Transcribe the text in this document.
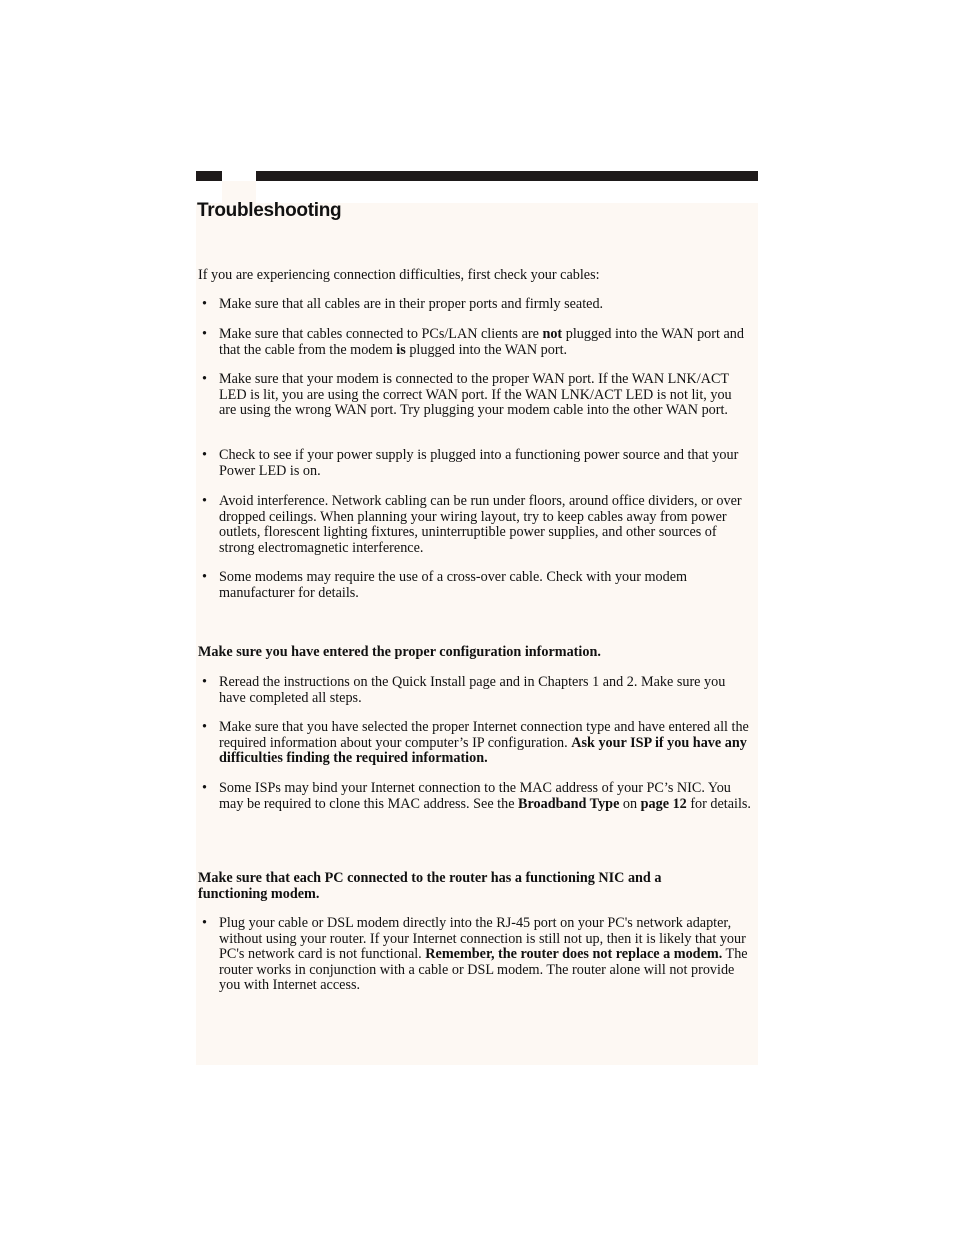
Troubleshooting

If you are experiencing connection difficulties, first check your cables:

• Make sure that all cables are in their proper ports and firmly seated.
• Make sure that cables connected to PCs/LAN clients are not plugged into the WAN port and that the cable from the modem is plugged into the WAN port.
• Make sure that your modem is connected to the proper WAN port. If the WAN LNK/ACT LED is lit, you are using the correct WAN port. If the WAN LNK/ACT LED is not lit, you are using the wrong WAN port. Try plugging your modem cable into the other WAN port.
• Check to see if your power supply is plugged into a functioning power source and that your Power LED is on.
• Avoid interference. Network cabling can be run under floors, around office dividers, or over dropped ceilings. When planning your wiring layout, try to keep cables away from power outlets, florescent lighting fixtures, uninterruptible power supplies, and other sources of strong electromagnetic interference.
• Some modems may require the use of a cross-over cable. Check with your modem manufacturer for details.

Make sure you have entered the proper configuration information.

• Reread the instructions on the Quick Install page and in Chapters 1 and 2. Make sure you have completed all steps.
• Make sure that you have selected the proper Internet connection type and have entered all the required information about your computer’s IP configuration. Ask your ISP if you have any difficulties finding the required information.
• Some ISPs may bind your Internet connection to the MAC address of your PC’s NIC. You may be required to clone this MAC address. See the Broadband Type on page 12 for details.

Make sure that each PC connected to the router has a functioning NIC and a functioning modem.

• Plug your cable or DSL modem directly into the RJ-45 port on your PC's network adapter, without using your router. If your Internet connection is still not up, then it is likely that your PC's network card is not functional. Remember, the router does not replace a modem. The router works in conjunction with a cable or DSL modem. The router alone will not provide you with Internet access.
